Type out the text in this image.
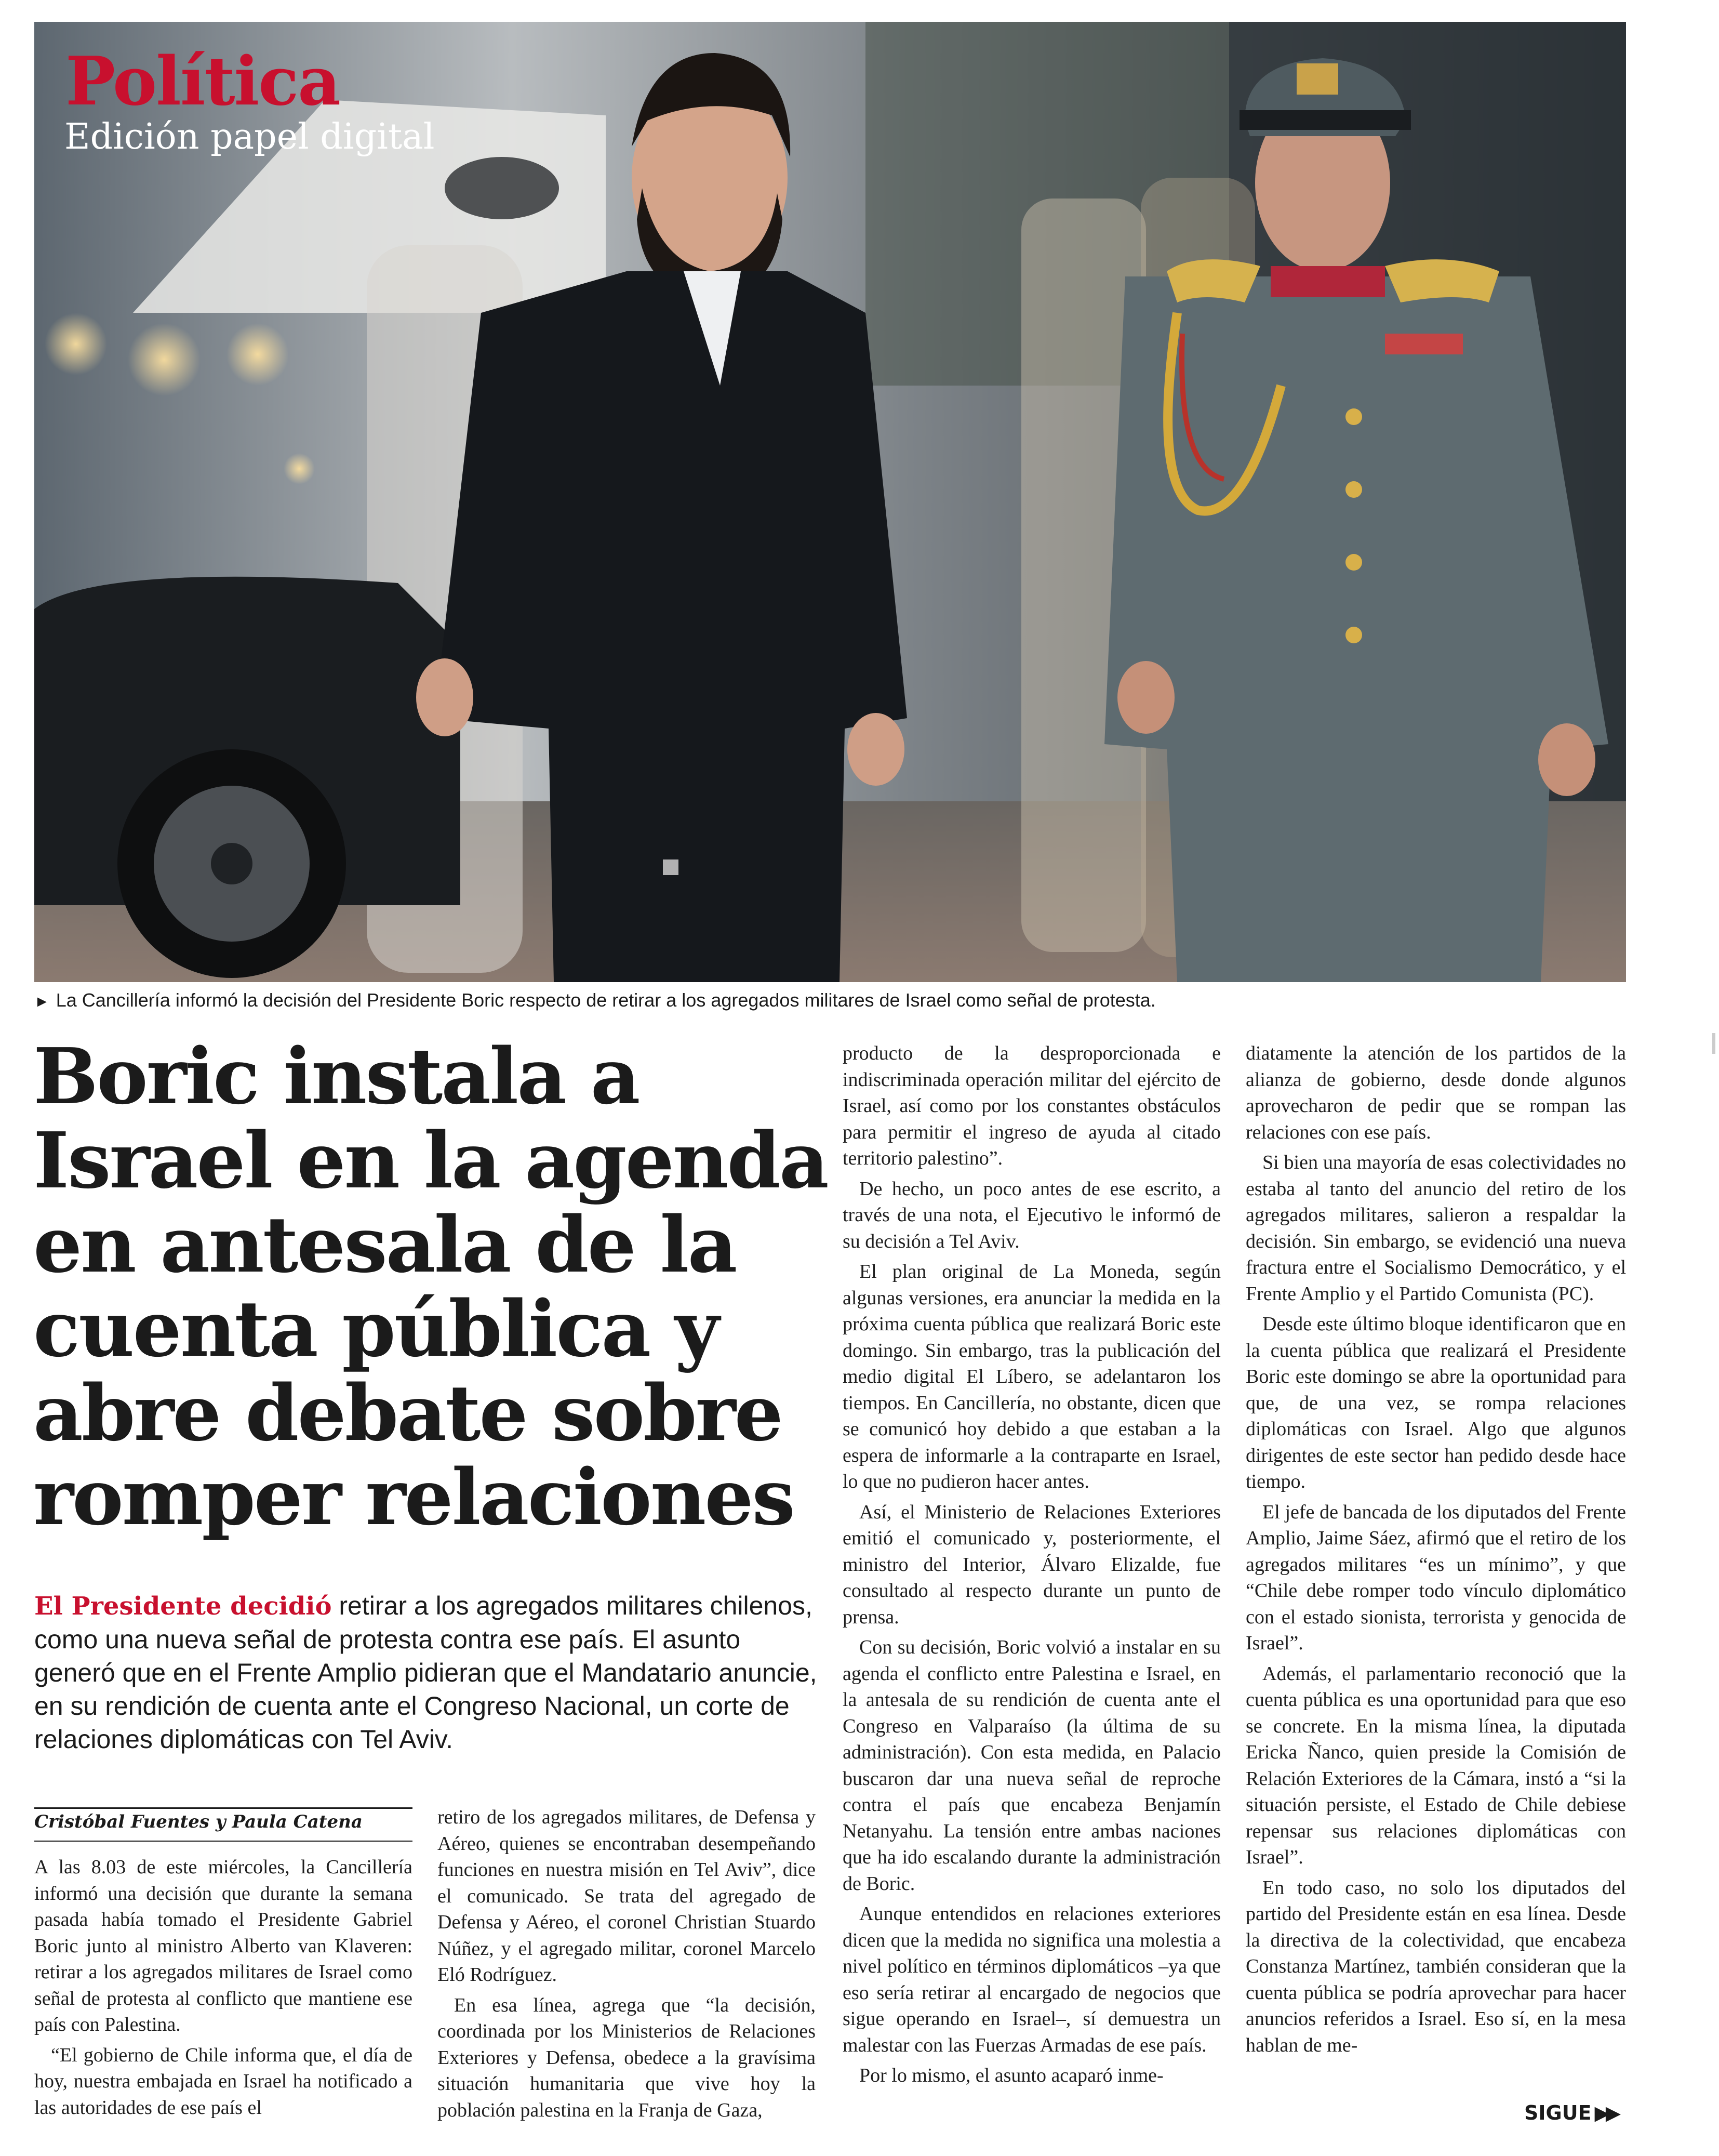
Política
Edición papel digital
► La Cancillería informó la decisión del Presidente Boric respecto de retirar a los agregados militares de Israel como señal de protesta.
Boric instala a
Israel en la agenda
en antesala de la
cuenta pública y
abre debate sobre
romper relaciones
El Presidente decidió retirar a los agregados militares chilenos, como una nueva señal de protesta contra ese país. El asunto generó que en el Frente Amplio pidieran que el Mandatario anuncie, en su rendición de cuenta ante el Congreso Nacional, un corte de relaciones diplomáticas con Tel Aviv.
Cristóbal Fuentes y Paula Catena

A las 8.03 de este miércoles, la Cancillería informó una decisión que durante la semana pasada había tomado el Presidente Gabriel Boric junto al ministro Alberto van Klaveren: retirar a los agregados militares de Israel como señal de protesta al conflicto que mantiene ese país con Palestina.

“El gobierno de Chile informa que, el día de hoy, nuestra embajada en Israel ha notificado a las autoridades de ese país el

retiro de los agregados militares, de Defensa y Aéreo, quienes se encontraban desempeñando funciones en nuestra misión en Tel Aviv”, dice el comunicado. Se trata del agregado de Defensa y Aéreo, el coronel Christian Stuardo Núñez, y el agregado militar, coronel Marcelo Eló Rodríguez.

En esa línea, agrega que “la decisión, coordinada por los Ministerios de Relaciones Exteriores y Defensa, obedece a la gravísima situación humanitaria que vive hoy la población palestina en la Franja de Gaza,

producto de la desproporcionada e indiscriminada operación militar del ejército de Israel, así como por los constantes obstáculos para permitir el ingreso de ayuda al citado territorio palestino”.

De hecho, un poco antes de ese escrito, a través de una nota, el Ejecutivo le informó de su decisión a Tel Aviv.

El plan original de La Moneda, según algunas versiones, era anunciar la medida en la próxima cuenta pública que realizará Boric este domingo. Sin embargo, tras la publicación del medio digital El Líbero, se adelantaron los tiempos. En Cancillería, no obstante, dicen que se comunicó hoy debido a que estaban a la espera de informarle a la contraparte en Israel, lo que no pudieron hacer antes.

Así, el Ministerio de Relaciones Exteriores emitió el comunicado y, posteriormente, el ministro del Interior, Álvaro Elizalde, fue consultado al respecto durante un punto de prensa.

Con su decisión, Boric volvió a instalar en su agenda el conflicto entre Palestina e Israel, en la antesala de su rendición de cuenta ante el Congreso en Valparaíso (la última de su administración). Con esta medida, en Palacio buscaron dar una nueva señal de reproche contra el país que encabeza Benjamín Netanyahu. La tensión entre ambas naciones que ha ido escalando durante la administración de Boric.

Aunque entendidos en relaciones exteriores dicen que la medida no significa una molestia a nivel político en términos diplomáticos –ya que eso sería retirar al encargado de negocios que sigue operando en Israel–, sí demuestra un malestar con las Fuerzas Armadas de ese país.

Por lo mismo, el asunto acaparó inme-

diatamente la atención de los partidos de la alianza de gobierno, desde donde algunos aprovecharon de pedir que se rompan las relaciones con ese país.

Si bien una mayoría de esas colectividades no estaba al tanto del anuncio del retiro de los agregados militares, salieron a respaldar la decisión. Sin embargo, se evidenció una nueva fractura entre el Socialismo Democrático, y el Frente Amplio y el Partido Comunista (PC).

Desde este último bloque identificaron que en la cuenta pública que realizará el Presidente Boric este domingo se abre la oportunidad para que, de una vez, se rompa relaciones diplomáticas con Israel. Algo que algunos dirigentes de este sector han pedido desde hace tiempo.

El jefe de bancada de los diputados del Frente Amplio, Jaime Sáez, afirmó que el retiro de los agregados militares “es un mínimo”, y que “Chile debe romper todo vínculo diplomático con el estado sionista, terrorista y genocida de Israel”.

Además, el parlamentario reconoció que la cuenta pública es una oportunidad para que eso se concrete. En la misma línea, la diputada Ericka Ñanco, quien preside la Comisión de Relación Exteriores de la Cámara, instó a “si la situación persiste, el Estado de Chile debiese repensar sus relaciones diplomáticas con Israel”.

En todo caso, no solo los diputados del partido del Presidente están en esa línea. Desde la directiva de la colectividad, que encabeza Constanza Martínez, también consideran que la cuenta pública se podría aprovechar para hacer anuncios referidos a Israel. Eso sí, en la mesa hablan de me-

SIGUE ▶▶
